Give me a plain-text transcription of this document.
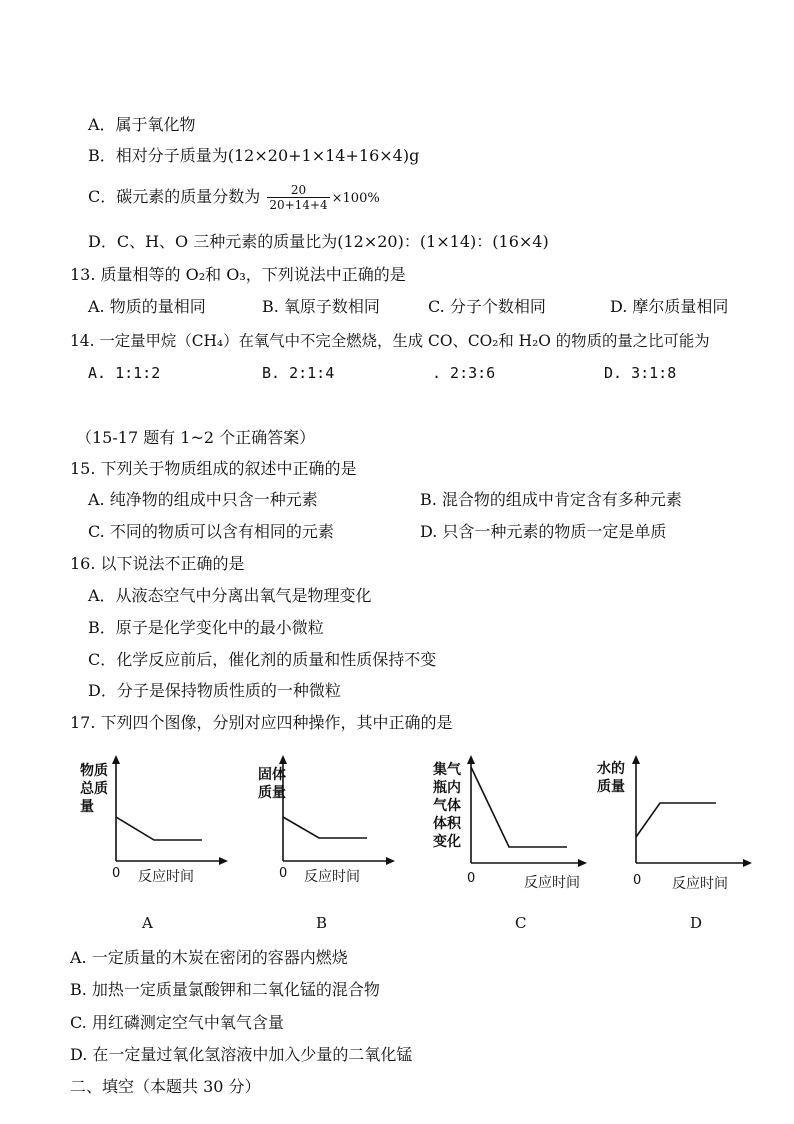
A．属于氧化物
B．相对分子质量为(12×20+1×14+16×4)g
C．碳元素的质量分数为 $\frac{20}{20+14+4} \times 100\%$
D．C、H、O 三种元素的质量比为(12×20)：(1×14)：(16×4)
13. 质量相等的 O₂和 O₃，下列说法中正确的是
A. 物质的量相同	B. 氧原子数相同	C. 分子个数相同	D. 摩尔质量相同
14. 一定量甲烷（CH₄）在氧气中不完全燃烧，生成 CO、CO₂和 H₂O 的物质的量之比可能为
A. 1:1:2	B. 2:1:4	. 2:3:6	D. 3:1:8
（15-17 题有 1~2 个正确答案）
15. 下列关于物质组成的叙述中正确的是
A. 纯净物的组成中只含一种元素	B. 混合物的组成中肯定含有多种元素
C. 不同的物质可以含有相同的元素	D. 只含一种元素的物质一定是单质
16. 以下说法不正确的是
A．从液态空气中分离出氧气是物理变化
B．原子是化学变化中的最小微粒
C．化学反应前后，催化剂的质量和性质保持不变
D．分子是保持物质性质的一种微粒
17. 下列四个图像，分别对应四种操作，其中正确的是
物质
总质
量
0 反应时间
A
固体
质量
0 反应时间
B
集气
瓶内
气体
体积
变化
0	反应时间
C
水的
质量
0 反应时间
D
A. 一定质量的木炭在密闭的容器内燃烧
B. 加热一定质量氯酸钾和二氧化锰的混合物
C. 用红磷测定空气中氧气含量
D. 在一定量过氧化氢溶液中加入少量的二氧化锰
二、填空（本题共 30 分）
